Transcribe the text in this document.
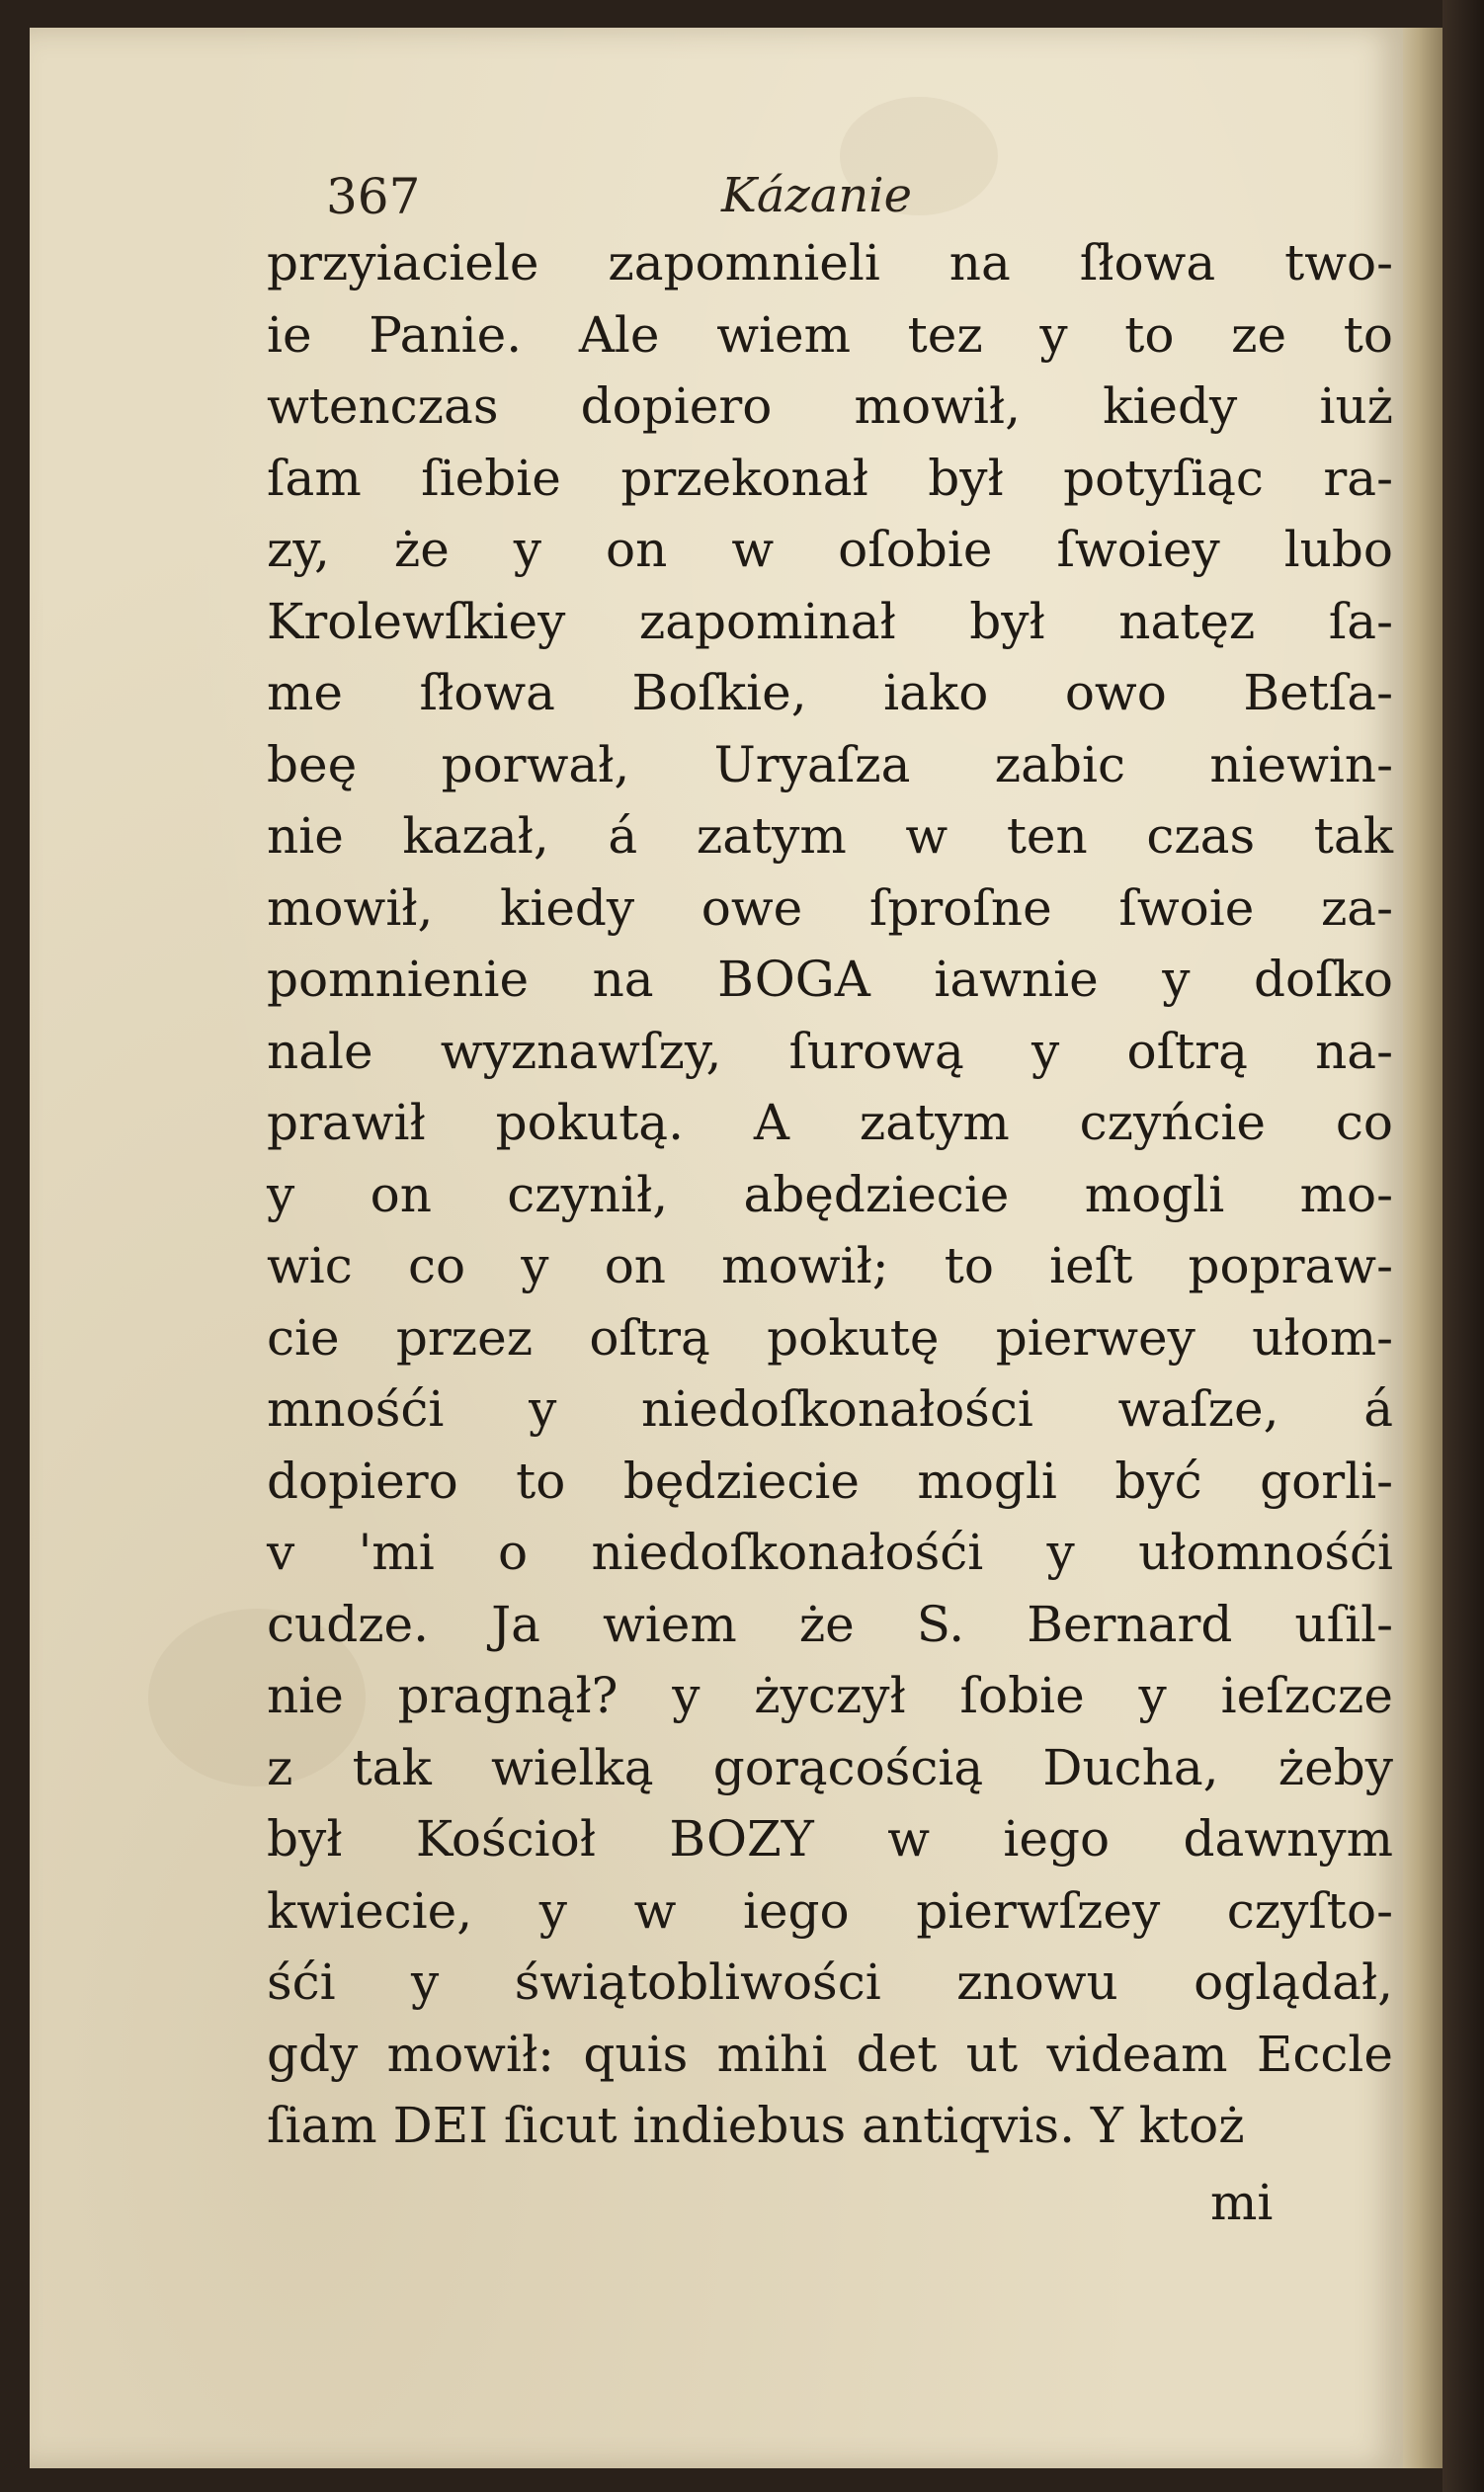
367	Kázanie
przyiaciele zapomnieli na ſłowa two-
ie Panie. Ale wiem tez y to ze to
wtenczas dopiero mowił, kiedy iuż
ſam ſiebie przekonał był potyſiąc ra-
zy, że y on w oſobie ſwoiey lubo
Krolewſkiey zapominał był natęz ſa-
me ſłowa Boſkie, iako owo Betſa-
beę porwał, Uryaſza zabic niewin-
nie kazał, á zatym w ten czas tak
mowił, kiedy owe ſproſne ſwoie za-
pomnienie na BOGA iawnie y doſko
nale wyznawſzy, ſurową y oſtrą na-
prawił pokutą. A zatym czyńcie co
y on czynił, abędziecie mogli mo-
wic co y on mowił; to ieſt popraw-
cie przez oſtrą pokutę pierwey ułom-
mnośći y niedoſkonałości waſze, á
dopiero to będziecie mogli być gorli-
v 'mi o niedoſkonałośći y ułomnośći
cudze. Ja wiem że S. Bernard uſil-
nie pragnął? y życzył ſobie y ieſzcze
z tak wielką gorącością Ducha, żeby
był Kościoł BOZY w iego dawnym
kwiecie, y w iego pierwſzey czyſto-
śći y świątobliwości znowu oglądał,
gdy mowił: quis mihi det ut videam Eccle
ſiam DEI ſicut indiebus antiqvis. Y ktoż
mi
